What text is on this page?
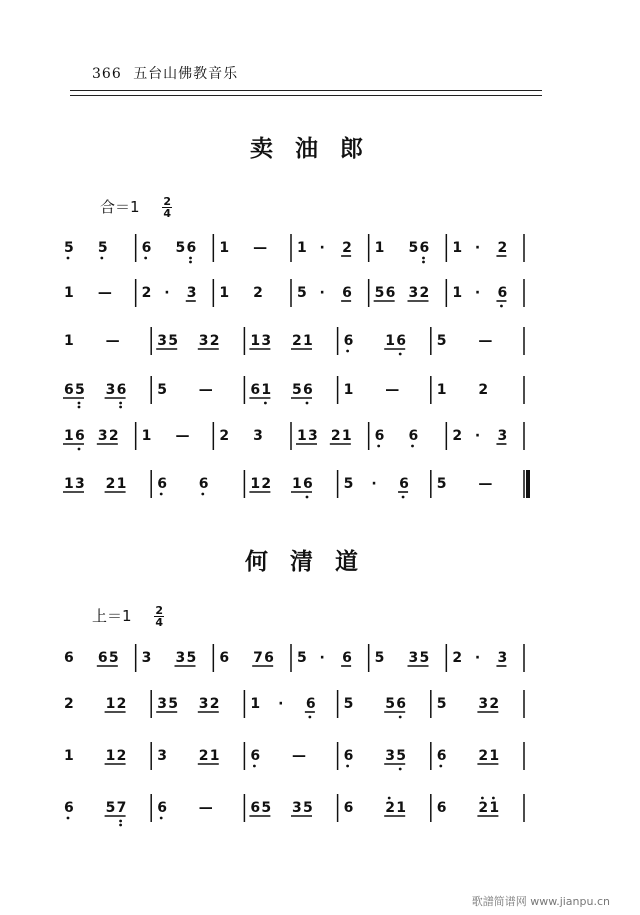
366 五台山佛教音乐
卖油郎
合$=1 \frac{2}{4}$
何清道
上$=1 \frac{2}{4}$
5 5 6 5 6 1 — 1 · 2 1 5 6 1 · 2
1 — 2 · 3 1 2 5 · 6 5 6 3 2 1 · 6
1 —	3 5 3 2 1 3 2 1 6 1 6 5 —
6 5 3 6 5 —	6 1 5 6 1 —	1 2
1 6 3 2 1 — 2 3 1 3 2 1 6 6 2 · 3
1 3 2 1 6 6	1 2 1 6 5 · 6 5 —
6 6 5 3 3 5 6 7 6 5 · 6 5 3 5 2 · 3
2 1 2 3 5 3 2 1 · 6 5 5 6 5 3 2
1 1 2 3 2 1 6 —	6 3 5 6 2 1
6 5 7 6 —	6 5 3 5 6 2 1 6 2 1
歌譜简谱网 www.jianpu.cn
